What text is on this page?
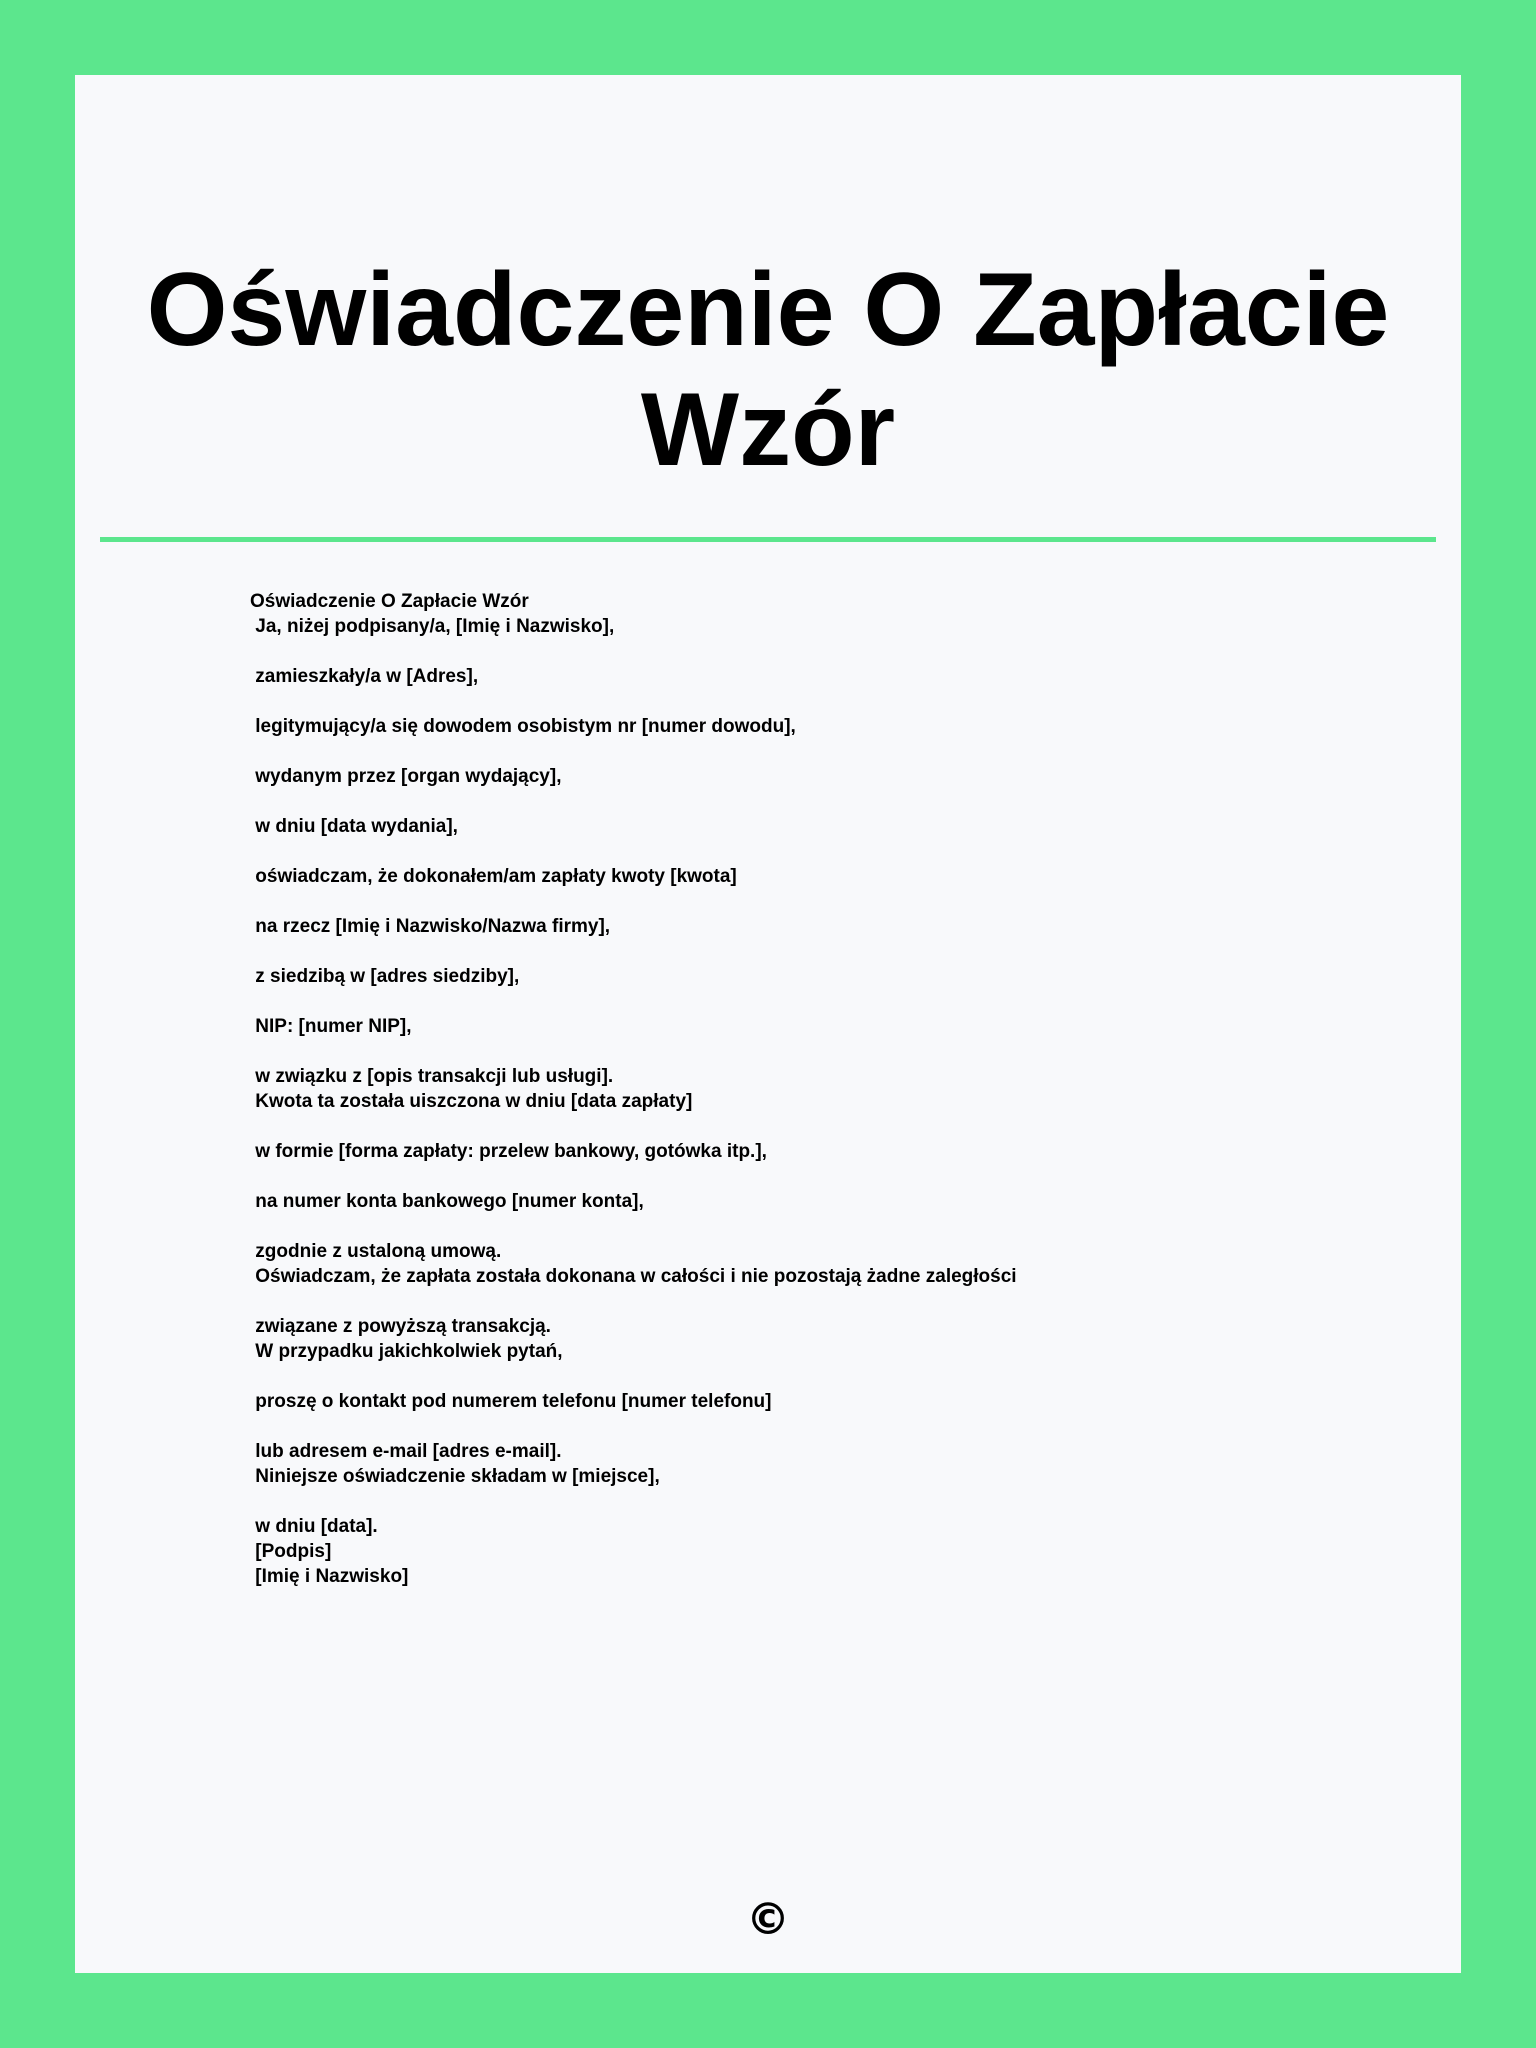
Oświadczenie O Zapłacie Wzór
Oświadczenie O Zapłacie Wzór
Ja, niżej podpisany/a, [Imię i Nazwisko],

zamieszkały/a w [Adres],

legitymujący/a się dowodem osobistym nr [numer dowodu],

wydanym przez [organ wydający],

w dniu [data wydania],

oświadczam, że dokonałem/am zapłaty kwoty [kwota]

na rzecz [Imię i Nazwisko/Nazwa firmy],

z siedzibą w [adres siedziby],

NIP: [numer NIP],

w związku z [opis transakcji lub usługi].
Kwota ta została uiszczona w dniu [data zapłaty]

w formie [forma zapłaty: przelew bankowy, gotówka itp.],

na numer konta bankowego [numer konta],

zgodnie z ustaloną umową.
Oświadczam, że zapłata została dokonana w całości i nie pozostają żadne zaległości

związane z powyższą transakcją.
W przypadku jakichkolwiek pytań,

proszę o kontakt pod numerem telefonu [numer telefonu]

lub adresem e-mail [adres e-mail].
Niniejsze oświadczenie składam w [miejsce],

w dniu [data].
[Podpis]
[Imię i Nazwisko]
©
